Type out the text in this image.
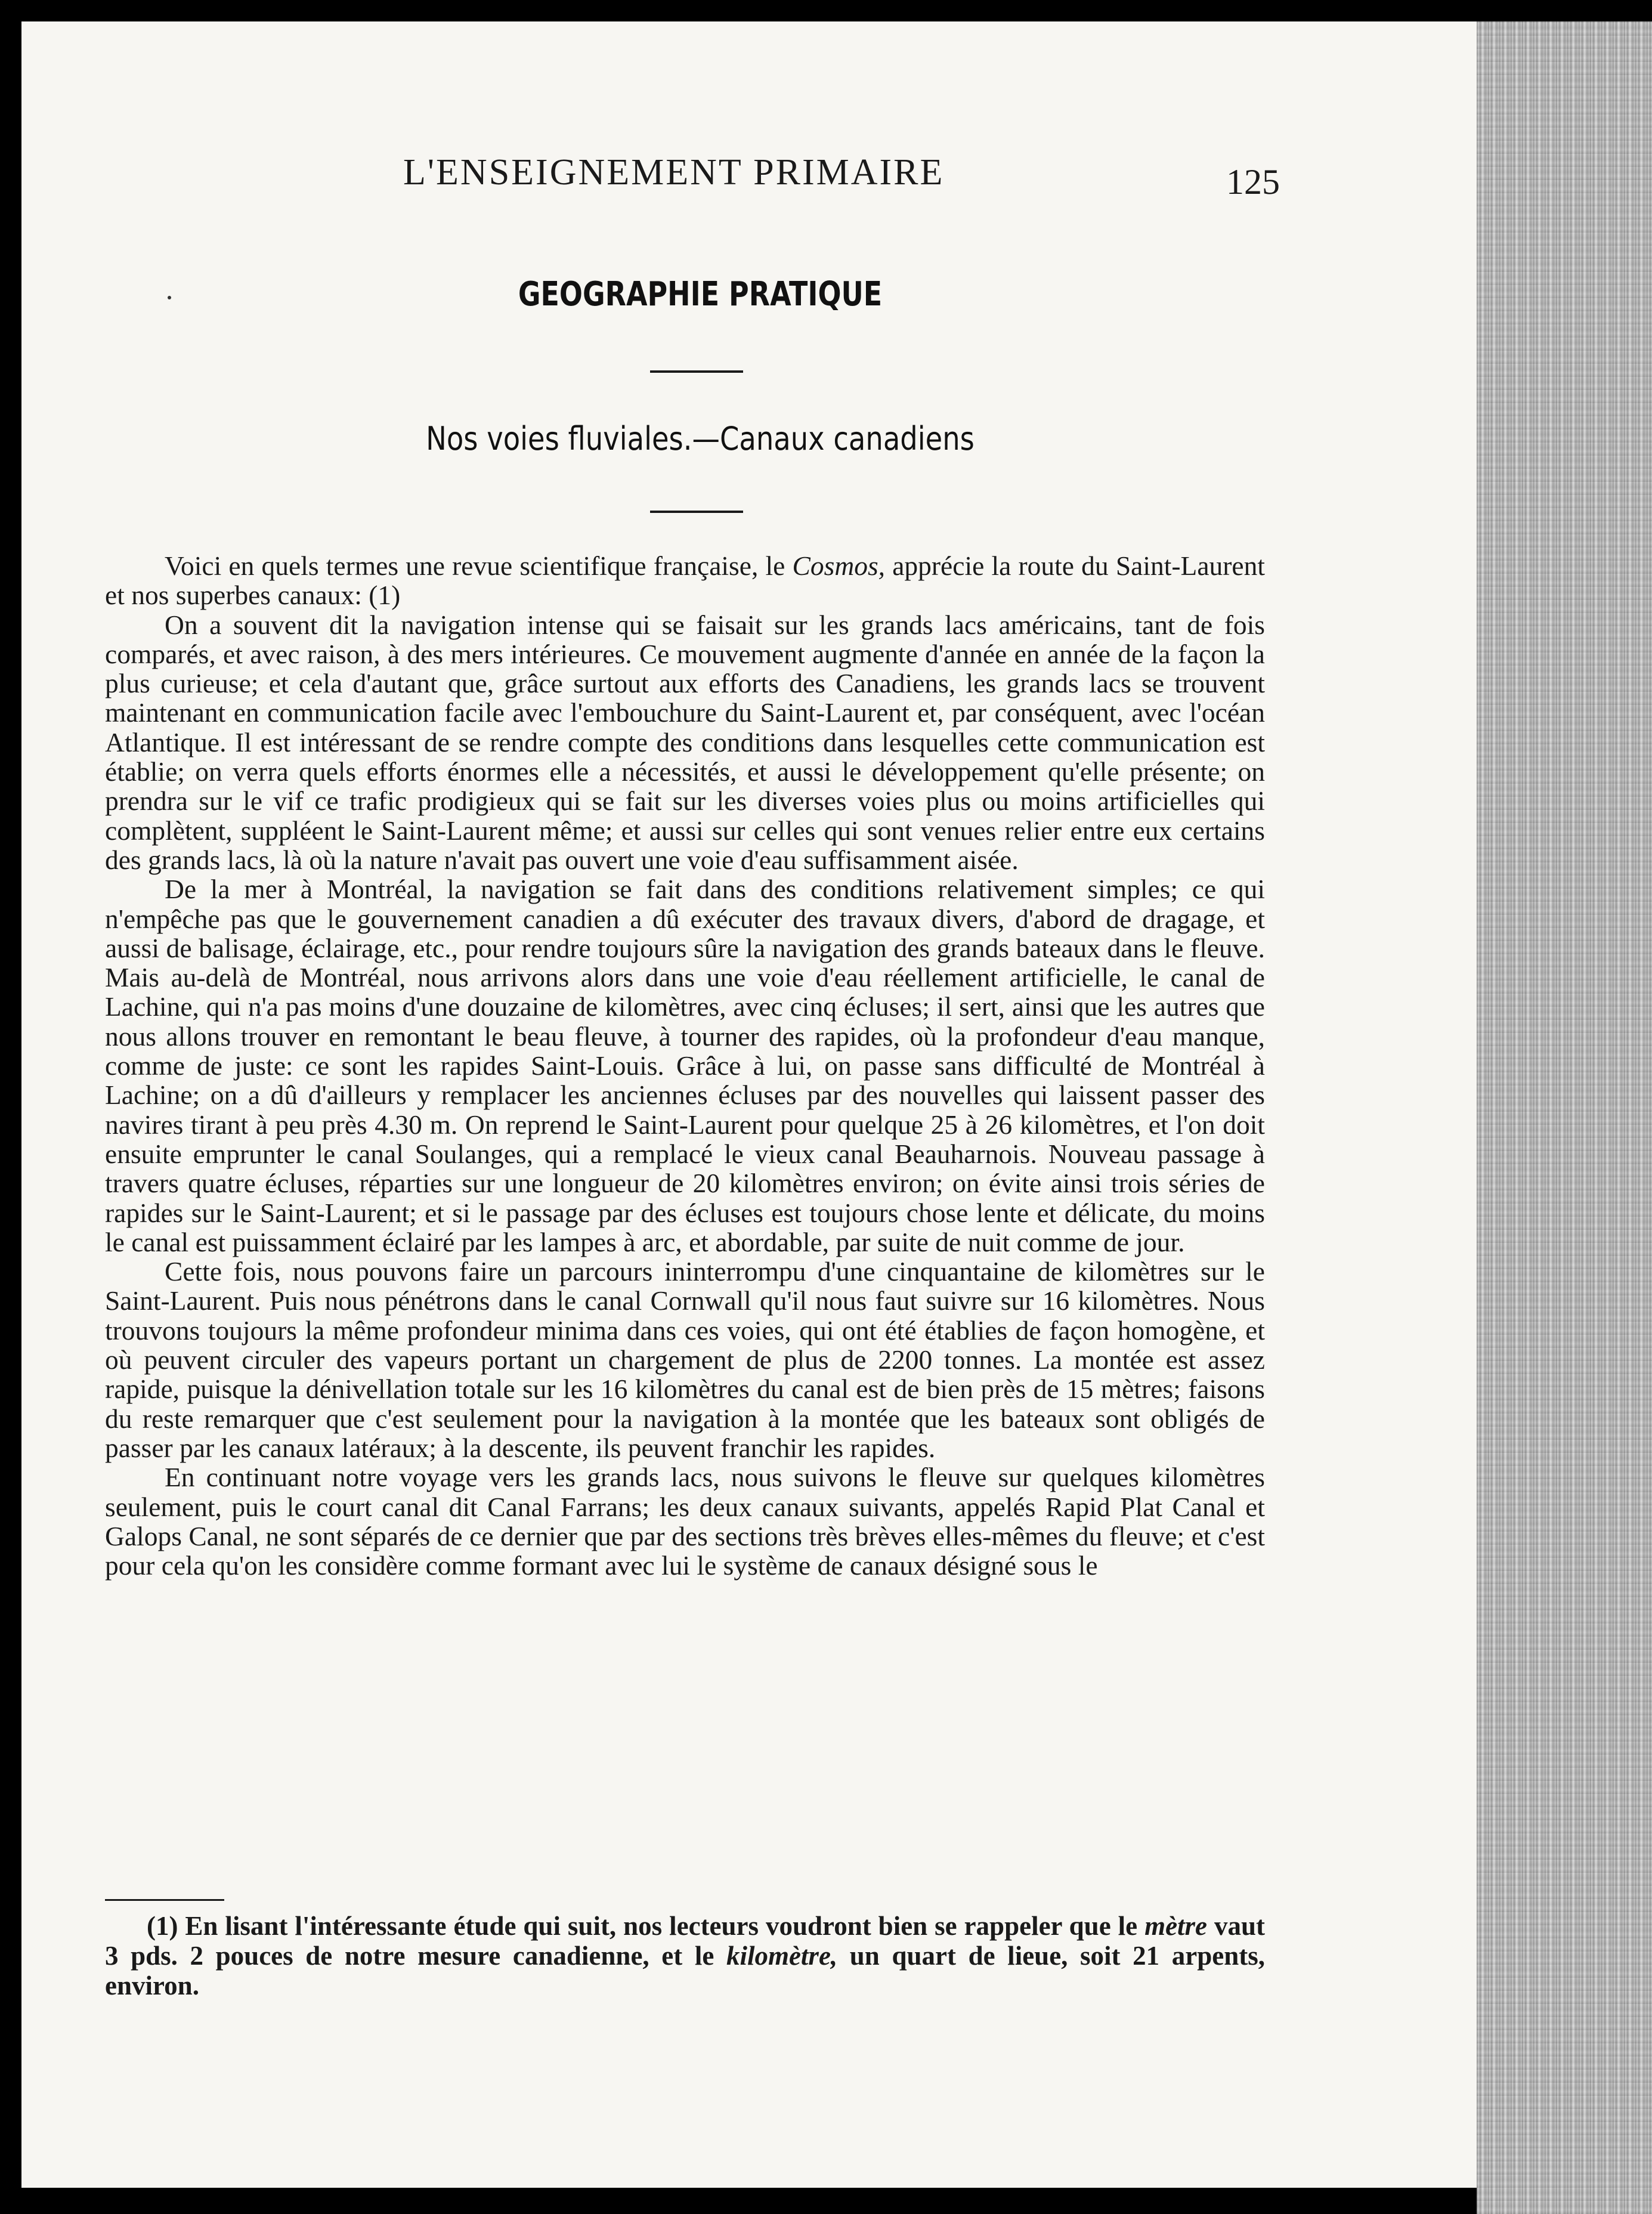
L'ENSEIGNEMENT PRIMAIRE	125
GEOGRAPHIE PRATIQUE
Nos voies fluviales.—Canaux canadiens

Voici en quels termes une revue scientifique française, le Cosmos, apprécie la route du Saint-Laurent et nos superbes canaux: (1)

On a souvent dit la navigation intense qui se faisait sur les grands lacs américains, tant de fois comparés, et avec raison, à des mers intérieures. Ce mouvement augmente d'année en année de la façon la plus curieuse; et cela d'autant que, grâce surtout aux efforts des Canadiens, les grands lacs se trouvent maintenant en communication facile avec l'embouchure du Saint-Laurent et, par conséquent, avec l'océan Atlantique. Il est intéressant de se rendre compte des conditions dans lesquelles cette communication est établie; on verra quels efforts énormes elle a nécessités, et aussi le développement qu'elle présente; on prendra sur le vif ce trafic prodigieux qui se fait sur les diverses voies plus ou moins artificielles qui complètent, suppléent le Saint-Laurent même; et aussi sur celles qui sont venues relier entre eux certains des grands lacs, là où la nature n'avait pas ouvert une voie d'eau suffisamment aisée.

De la mer à Montréal, la navigation se fait dans des conditions relativement simples; ce qui n'empêche pas que le gouvernement canadien a dû exécuter des travaux divers, d'abord de dragage, et aussi de balisage, éclairage, etc., pour rendre toujours sûre la navigation des grands bateaux dans le fleuve. Mais au-delà de Montréal, nous arrivons alors dans une voie d'eau réellement artificielle, le canal de Lachine, qui n'a pas moins d'une douzaine de kilomètres, avec cinq écluses; il sert, ainsi que les autres que nous allons trouver en remontant le beau fleuve, à tourner des rapides, où la profondeur d'eau manque, comme de juste: ce sont les rapides Saint-Louis. Grâce à lui, on passe sans difficulté de Montréal à Lachine; on a dû d'ailleurs y remplacer les anciennes écluses par des nouvelles qui laissent passer des navires tirant à peu près 4.30 m. On reprend le Saint-Laurent pour quelque 25 à 26 kilomètres, et l'on doit ensuite emprunter le canal Soulanges, qui a remplacé le vieux canal Beauharnois. Nouveau passage à travers quatre écluses, réparties sur une longueur de 20 kilomètres environ; on évite ainsi trois séries de rapides sur le Saint-Laurent; et si le passage par des écluses est toujours chose lente et délicate, du moins le canal est puissamment éclairé par les lampes à arc, et abordable, par suite de nuit comme de jour.

Cette fois, nous pouvons faire un parcours ininterrompu d'une cinquantaine de kilomètres sur le Saint-Laurent. Puis nous pénétrons dans le canal Cornwall qu'il nous faut suivre sur 16 kilomètres. Nous trouvons toujours la même profondeur minima dans ces voies, qui ont été établies de façon homogène, et où peuvent circuler des vapeurs portant un chargement de plus de 2200 tonnes. La montée est assez rapide, puisque la dénivellation totale sur les 16 kilomètres du canal est de bien près de 15 mètres; faisons du reste remarquer que c'est seulement pour la navigation à la montée que les bateaux sont obligés de passer par les canaux latéraux; à la descente, ils peuvent franchir les rapides.

En continuant notre voyage vers les grands lacs, nous suivons le fleuve sur quelques kilomètres seulement, puis le court canal dit Canal Farrans; les deux canaux suivants, appelés Rapid Plat Canal et Galops Canal, ne sont séparés de ce dernier que par des sections très brèves elles-mêmes du fleuve; et c'est pour cela qu'on les considère comme formant avec lui le système de canaux désigné sous le

(1) En lisant l'intéressante étude qui suit, nos lecteurs voudront bien se rappeler que le mètre vaut 3 pds. 2 pouces de notre mesure canadienne, et le kilomètre, un quart de lieue, soit 21 arpents, environ.
